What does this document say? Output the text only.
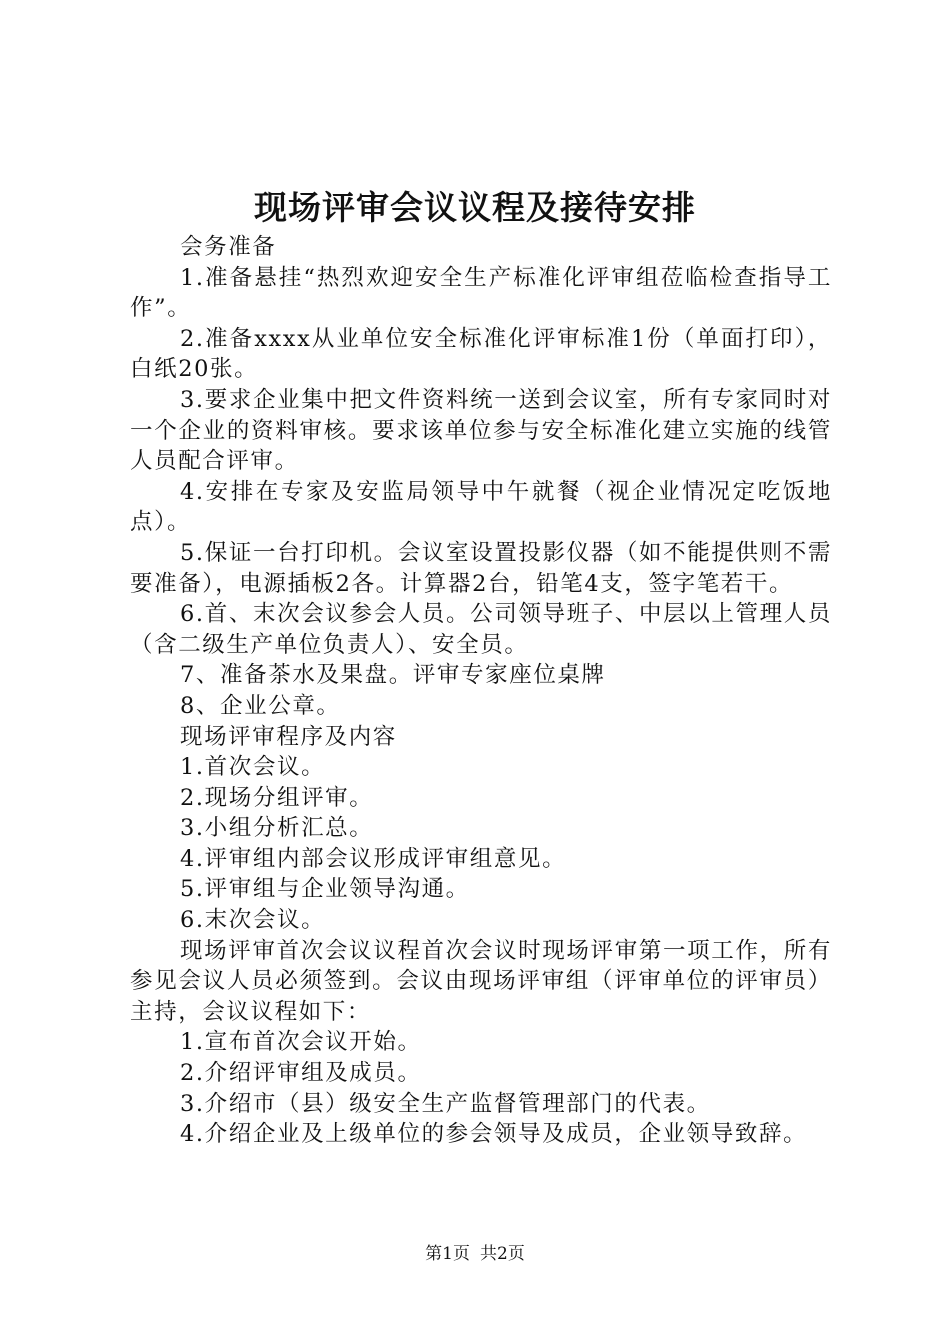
现场评审会议议程及接待安排

会务准备

1.准备悬挂“热烈欢迎安全生产标准化评审组莅临检查指导工作”。

2.准备xxxx从业单位安全标准化评审标准1份（单面打印），白纸20张。

3.要求企业集中把文件资料统一送到会议室，所有专家同时对一个企业的资料审核。要求该单位参与安全标准化建立实施的线管人员配合评审。

4.安排在专家及安监局领导中午就餐（视企业情况定吃饭地点）。

5.保证一台打印机。会议室设置投影仪器（如不能提供则不需要准备），电源插板2各。计算器2台，铅笔4支，签字笔若干。

6.首、末次会议参会人员。公司领导班子、中层以上管理人员（含二级生产单位负责人）、安全员。

7、准备茶水及果盘。评审专家座位桌牌

8、企业公章。

现场评审程序及内容

1.首次会议。

2.现场分组评审。

3.小组分析汇总。

4.评审组内部会议形成评审组意见。

5.评审组与企业领导沟通。

6.末次会议。

现场评审首次会议议程首次会议时现场评审第一项工作，所有参见会议人员必须签到。会议由现场评审组（评审单位的评审员）主持，会议议程如下：

1.宣布首次会议开始。

2.介绍评审组及成员。

3.介绍市（县）级安全生产监督管理部门的代表。

4.介绍企业及上级单位的参会领导及成员，企业领导致辞。

第1页 共2页
